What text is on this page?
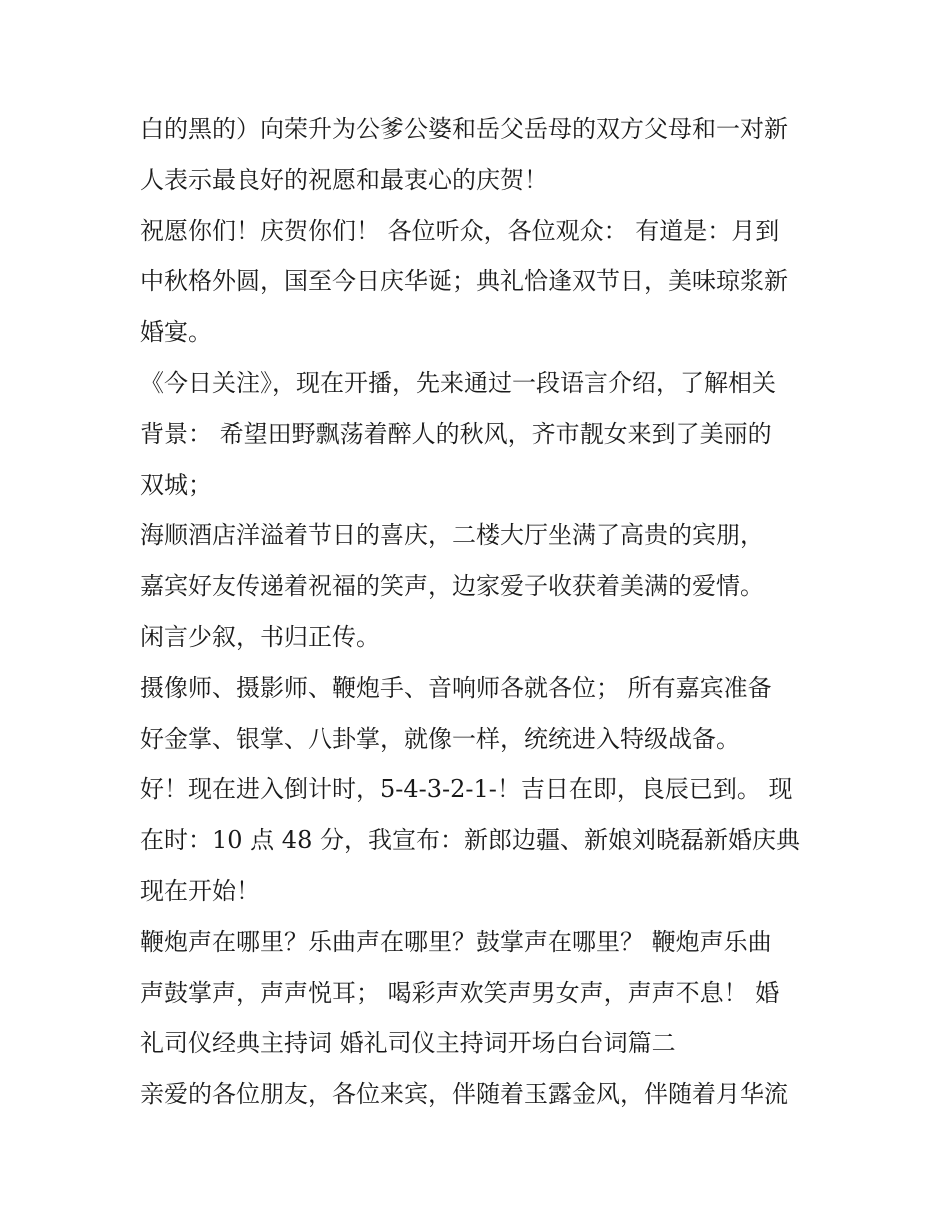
白的黑的）向荣升为公爹公婆和岳父岳母的双方父母和一对新
人表示最良好的祝愿和最衷心的庆贺！
祝愿你们！庆贺你们！ 各位听众，各位观众： 有道是：月到
中秋格外圆，国至今日庆华诞；典礼恰逢双节日，美味琼浆新
婚宴。
《今日关注》，现在开播，先来通过一段语言介绍，了解相关
背景： 希望田野飘荡着醉人的秋风，齐市靓女来到了美丽的
双城；
海顺酒店洋溢着节日的喜庆，二楼大厅坐满了高贵的宾朋，
嘉宾好友传递着祝福的笑声，边家爱子收获着美满的爱情。
闲言少叙，书归正传。
摄像师、摄影师、鞭炮手、音响师各就各位； 所有嘉宾准备
好金掌、银掌、八卦掌，就像一样，统统进入特级战备。
好！现在进入倒计时，5-4-3-2-1-！吉日在即，良辰已到。 现
在时：10 点 48 分，我宣布：新郎边疆、新娘刘晓磊新婚庆典
现在开始！
鞭炮声在哪里？乐曲声在哪里？鼓掌声在哪里？ 鞭炮声乐曲
声鼓掌声，声声悦耳； 喝彩声欢笑声男女声，声声不息！ 婚
礼司仪经典主持词 婚礼司仪主持词开场白台词篇二
亲爱的各位朋友，各位来宾，伴随着玉露金风，伴随着月华流
